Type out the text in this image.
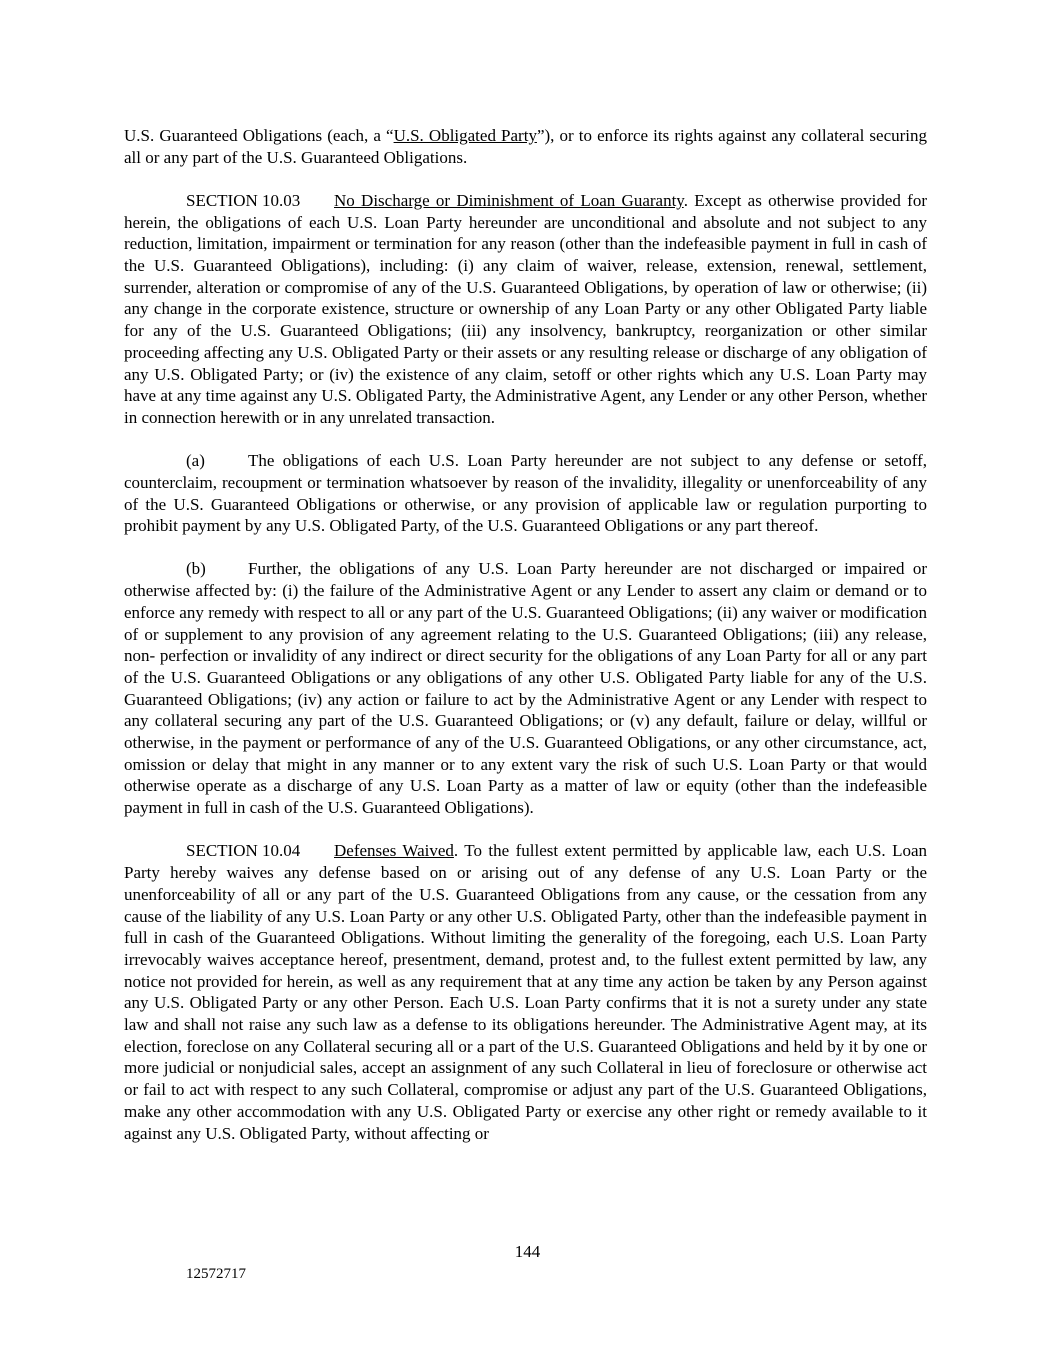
U.S. Guaranteed Obligations (each, a “U.S. Obligated Party”), or to enforce its rights against any collateral securing all or any part of the U.S. Guaranteed Obligations.

SECTION 10.03 No Discharge or Diminishment of Loan Guaranty. Except as otherwise provided for herein, the obligations of each U.S. Loan Party hereunder are unconditional and absolute and not subject to any reduction, limitation, impairment or termination for any reason (other than the indefeasible payment in full in cash of the U.S. Guaranteed Obligations), including: (i) any claim of waiver, release, extension, renewal, settlement, surrender, alteration or compromise of any of the U.S. Guaranteed Obligations, by operation of law or otherwise; (ii) any change in the corporate existence, structure or ownership of any Loan Party or any other Obligated Party liable for any of the U.S. Guaranteed Obligations; (iii) any insolvency, bankruptcy, reorganization or other similar proceeding affecting any U.S. Obligated Party or their assets or any resulting release or discharge of any obligation of any U.S. Obligated Party; or (iv) the existence of any claim, setoff or other rights which any U.S. Loan Party may have at any time against any U.S. Obligated Party, the Administrative Agent, any Lender or any other Person, whether in connection herewith or in any unrelated transaction.

(a)	The obligations of each U.S. Loan Party hereunder are not subject to any defense or setoff, counterclaim, recoupment or termination whatsoever by reason of the invalidity, illegality or unenforceability of any of the U.S. Guaranteed Obligations or otherwise, or any provision of applicable law or regulation purporting to prohibit payment by any U.S. Obligated Party, of the U.S. Guaranteed Obligations or any part thereof.

(b) Further, the obligations of any U.S. Loan Party hereunder are not discharged or impaired or otherwise affected by: (i) the failure of the Administrative Agent or any Lender to assert any claim or demand or to enforce any remedy with respect to all or any part of the U.S. Guaranteed Obligations; (ii) any waiver or modification of or supplement to any provision of any agreement relating to the U.S. Guaranteed Obligations; (iii) any release, non- perfection or invalidity of any indirect or direct security for the obligations of any Loan Party for all or any part of the U.S. Guaranteed Obligations or any obligations of any other U.S. Obligated Party liable for any of the U.S. Guaranteed Obligations; (iv) any action or failure to act by the Administrative Agent or any Lender with respect to any collateral securing any part of the U.S. Guaranteed Obligations; or (v) any default, failure or delay, willful or otherwise, in the payment or performance of any of the U.S. Guaranteed Obligations, or any other circumstance, act, omission or delay that might in any manner or to any extent vary the risk of such U.S. Loan Party or that would otherwise operate as a discharge of any U.S. Loan Party as a matter of law or equity (other than the indefeasible payment in full in cash of the U.S. Guaranteed Obligations).

SECTION 10.04 Defenses Waived. To the fullest extent permitted by applicable law, each U.S. Loan Party hereby waives any defense based on or arising out of any defense of any U.S. Loan Party or the unenforceability of all or any part of the U.S. Guaranteed Obligations from any cause, or the cessation from any cause of the liability of any U.S. Loan Party or any other U.S. Obligated Party, other than the indefeasible payment in full in cash of the Guaranteed Obligations. Without limiting the generality of the foregoing, each U.S. Loan Party irrevocably waives acceptance hereof, presentment, demand, protest and, to the fullest extent permitted by law, any notice not provided for herein, as well as any requirement that at any time any action be taken by any Person against any U.S. Obligated Party or any other Person. Each U.S. Loan Party confirms that it is not a surety under any state law and shall not raise any such law as a defense to its obligations hereunder. The Administrative Agent may, at its election, foreclose on any Collateral securing all or a part of the U.S. Guaranteed Obligations and held by it by one or more judicial or nonjudicial sales, accept an assignment of any such Collateral in lieu of foreclosure or otherwise act or fail to act with respect to any such Collateral, compromise or adjust any part of the U.S. Guaranteed Obligations, make any other accommodation with any U.S. Obligated Party or exercise any other right or remedy available to it against any U.S. Obligated Party, without affecting or

144
12572717
